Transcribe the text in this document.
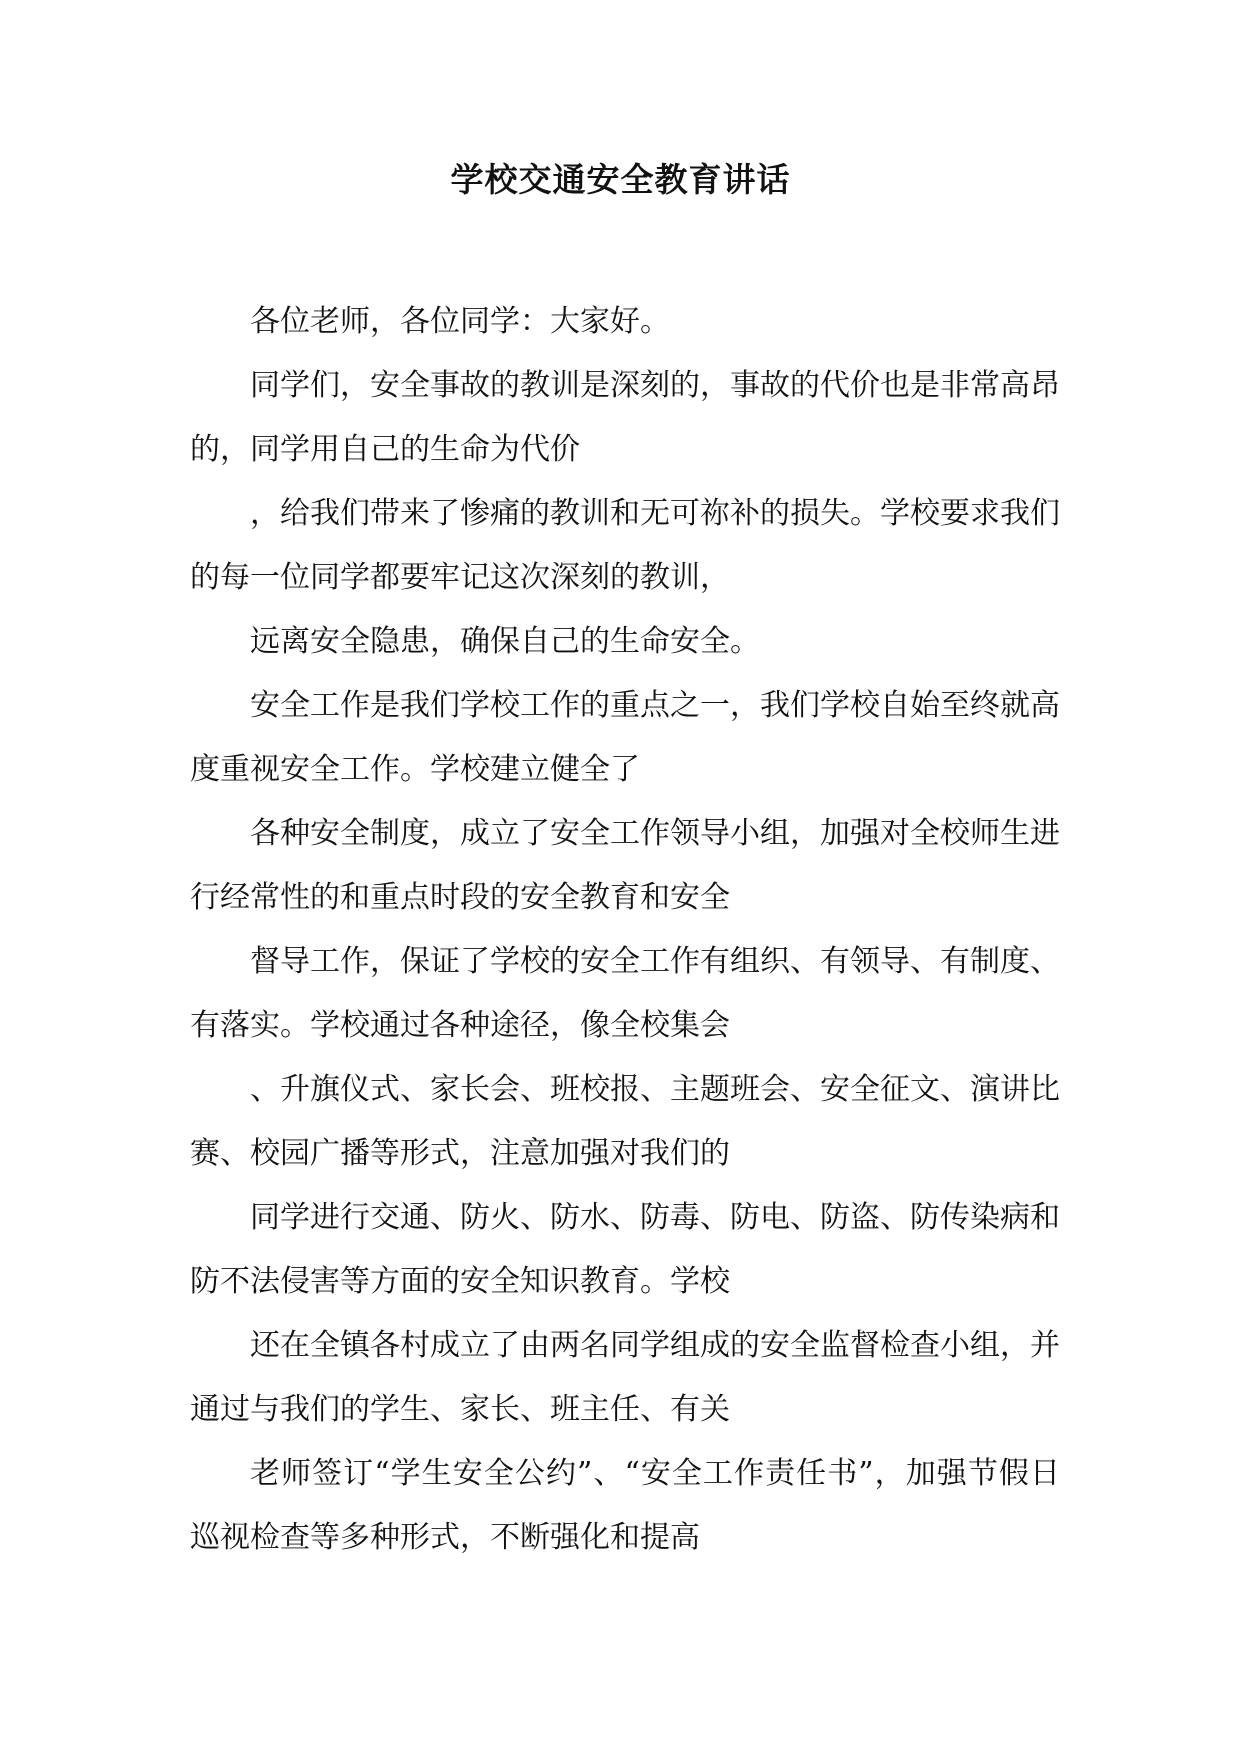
学校交通安全教育讲话

各位老师，各位同学：大家好。

同学们，安全事故的教训是深刻的，事故的代价也是非常高昂的，同学用自己的生命为代价

，给我们带来了惨痛的教训和无可祢补的损失。学校要求我们的每一位同学都要牢记这次深刻的教训，

远离安全隐患，确保自己的生命安全。

安全工作是我们学校工作的重点之一，我们学校自始至终就高度重视安全工作。学校建立健全了

各种安全制度，成立了安全工作领导小组，加强对全校师生进行经常性的和重点时段的安全教育和安全

督导工作，保证了学校的安全工作有组织、有领导、有制度、有落实。学校通过各种途径，像全校集会

、升旗仪式、家长会、班校报、主题班会、安全征文、演讲比赛、校园广播等形式，注意加强对我们的

同学进行交通、防火、防水、防毒、防电、防盗、防传染病和防不法侵害等方面的安全知识教育。学校

还在全镇各村成立了由两名同学组成的安全监督检查小组，并通过与我们的学生、家长、班主任、有关

老师签订“学生安全公约”、“安全工作责任书”，加强节假日巡视检查等多种形式，不断强化和提高
